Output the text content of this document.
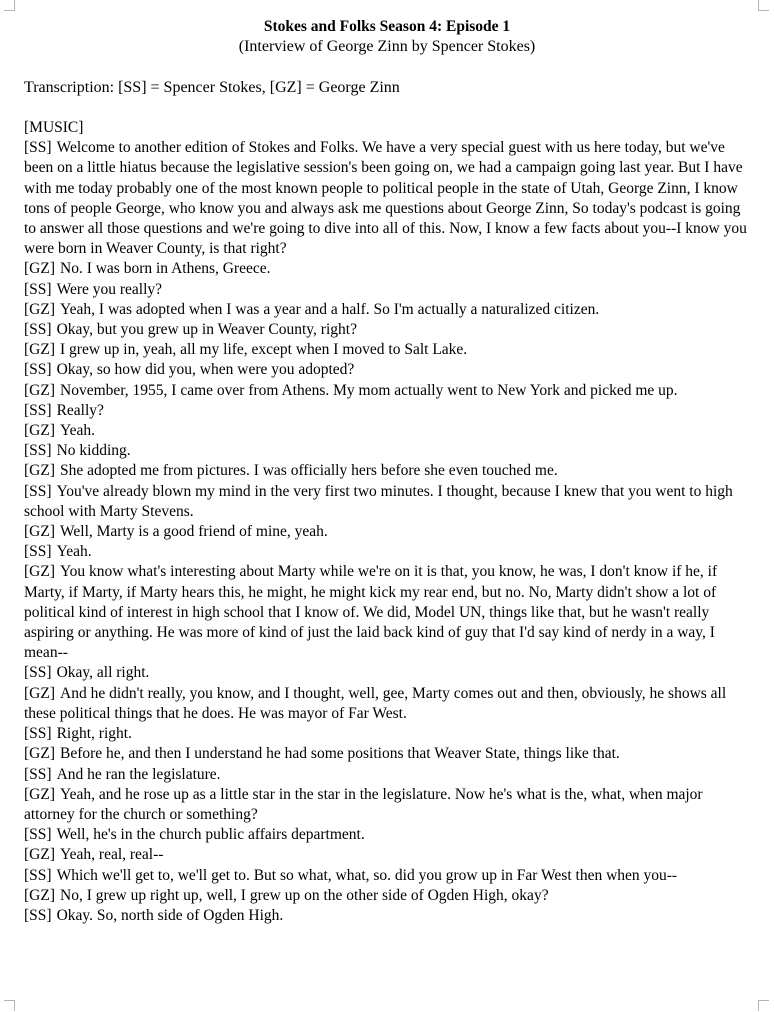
Stokes and Folks Season 4: Episode 1
(Interview of George Zinn by Spencer Stokes)
Transcription: [SS] = Spencer Stokes, [GZ] = George Zinn

[MUSIC]

[SS] Welcome to another edition of Stokes and Folks. We have a very special guest with us here today, but we've been on a little hiatus because the legislative session's been going on, we had a campaign going last year. But I have with me today probably one of the most known people to political people in the state of Utah, George Zinn, I know tons of people George, who know you and always ask me questions about George Zinn, So today's podcast is going to answer all those questions and we're going to dive into all of this. Now, I know a few facts about you--I know you were born in Weaver County, is that right?

[GZ] No. I was born in Athens, Greece.

[SS] Were you really?

[GZ] Yeah, I was adopted when I was a year and a half. So I'm actually a naturalized citizen.

[SS] Okay, but you grew up in Weaver County, right?

[GZ] I grew up in, yeah, all my life, except when I moved to Salt Lake.

[SS] Okay, so how did you, when were you adopted?

[GZ] November, 1955, I came over from Athens. My mom actually went to New York and picked me up.

[SS] Really?

[GZ] Yeah.

[SS] No kidding.

[GZ] She adopted me from pictures. I was officially hers before she even touched me.

[SS] You've already blown my mind in the very first two minutes. I thought, because I knew that you went to high school with Marty Stevens.

[GZ] Well, Marty is a good friend of mine, yeah.

[SS] Yeah.

[GZ] You know what's interesting about Marty while we're on it is that, you know, he was, I don't know if he, if Marty, if Marty, if Marty hears this, he might, he might kick my rear end, but no. No, Marty didn't show a lot of political kind of interest in high school that I know of. We did, Model UN, things like that, but he wasn't really aspiring or anything. He was more of kind of just the laid back kind of guy that I'd say kind of nerdy in a way, I mean--

[SS] Okay, all right.

[GZ] And he didn't really, you know, and I thought, well, gee, Marty comes out and then, obviously, he shows all these political things that he does. He was mayor of Far West.

[SS] Right, right.

[GZ] Before he, and then I understand he had some positions that Weaver State, things like that.

[SS] And he ran the legislature.

[GZ] Yeah, and he rose up as a little star in the star in the legislature. Now he's what is the, what, when major attorney for the church or something?

[SS] Well, he's in the church public affairs department.

[GZ] Yeah, real, real--

[SS] Which we'll get to, we'll get to. But so what, what, so. did you grow up in Far West then when you--

[GZ] No, I grew up right up, well, I grew up on the other side of Ogden High, okay?

[SS] Okay. So, north side of Ogden High.
